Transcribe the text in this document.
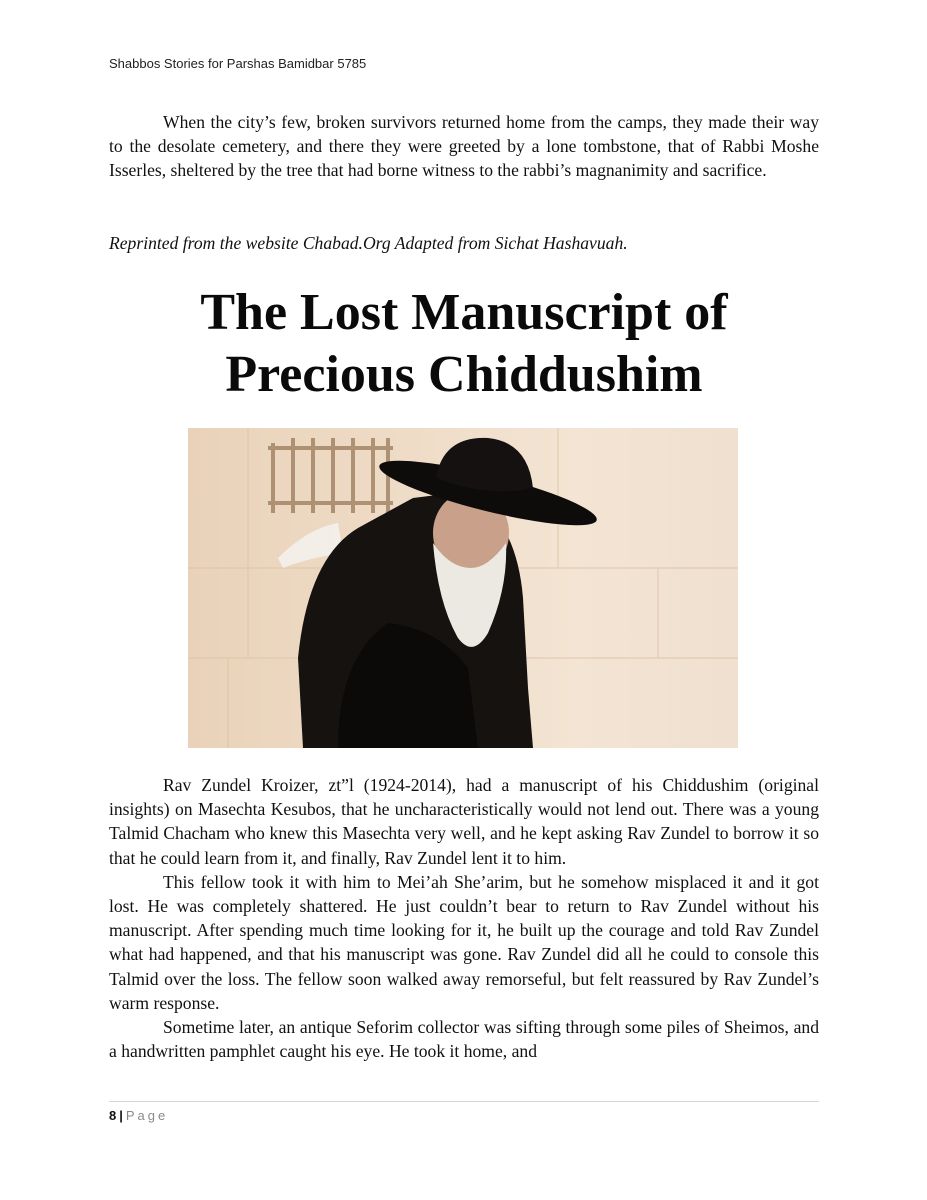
Shabbos Stories for Parshas Bamidbar 5785

When the city’s few, broken survivors returned home from the camps, they made their way to the desolate cemetery, and there they were greeted by a lone tombstone, that of Rabbi Moshe Isserles, sheltered by the tree that had borne witness to the rabbi’s magnanimity and sacrifice.

Reprinted from the website Chabad.Org Adapted from Sichat Hashavuah.
The Lost Manuscript of
Precious Chiddushim

Rav Zundel Kroizer, zt”l (1924-2014), had a manuscript of his Chiddushim (original insights) on Masechta Kesubos, that he uncharacteristically would not lend out. There was a young Talmid Chacham who knew this Masechta very well, and he kept asking Rav Zundel to borrow it so that he could learn from it, and finally, Rav Zundel lent it to him.

This fellow took it with him to Mei’ah She’arim, but he somehow misplaced it and it got lost. He was completely shattered. He just couldn’t bear to return to Rav Zundel without his manuscript. After spending much time looking for it, he built up the courage and told Rav Zundel what had happened, and that his manuscript was gone. Rav Zundel did all he could to console this Talmid over the loss. The fellow soon walked away remorseful, but felt reassured by Rav Zundel’s warm response.

Sometime later, an antique Seforim collector was sifting through some piles of Sheimos, and a handwritten pamphlet caught his eye. He took it home, and

8 | Page
